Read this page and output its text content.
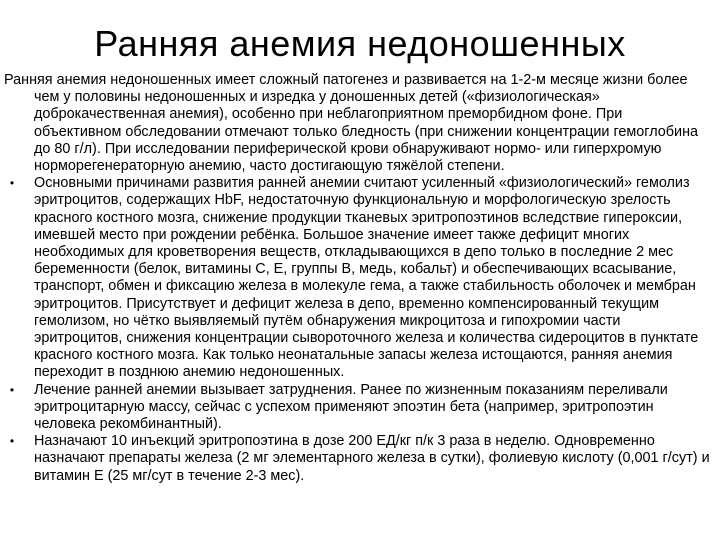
Ранняя анемия недоношенных
Ранняя анемия недоношенных имеет сложный патогенез и развивается на 1-2-м месяце жизни более чем у половины недоношенных и изредка у доношенных детей («физиологическая» доброкачественная анемия), особенно при неблагоприятном преморбидном фоне. При объективном обследовании отмечают только бледность (при снижении концентрации гемоглобина до 80 г/л). При исследовании периферической крови обнаруживают нормо- или гиперхромую норморегенераторную анемию, часто достигающую тяжёлой степени.
• Основными причинами развития ранней анемии считают усиленный «физиологический» гемолиз эритроцитов, содержащих HbF, недостаточную функциональную и морфологическую зрелость красного костного мозга, снижение продукции тканевых эритропоэтинов вследствие гипероксии, имевшей место при рождении ребёнка. Большое значение имеет также дефицит многих необходимых для кроветворения веществ, откладывающихся в депо только в последние 2 мес беременности (белок, витамины С, Е, группы В, медь, кобальт) и обеспечивающих всасывание, транспорт, обмен и фиксацию железа в молекуле гема, а также стабильность оболочек и мембран эритроцитов. Присутствует и дефицит железа в депо, временно компенсированный текущим гемолизом, но чётко выявляемый путём обнаружения микроцитоза и гипохромии части эритроцитов, снижения концентрации сывороточного железа и количества сидероцитов в пунктате красного костного мозга. Как только неонатальные запасы железа истощаются, ранняя анемия переходит в позднюю анемию недоношенных.
• Лечение ранней анемии вызывает затруднения. Ранее по жизненным показаниям переливали эритроцитарную массу, сейчас с успехом применяют эпоэтин бета (например, эритропоэтин человека рекомбинантный).
• Назначают 10 инъекций эритропоэтина в дозе 200 ЕД/кг п/к 3 раза в неделю. Одновременно назначают препараты железа (2 мг элементарного железа в сутки), фолиевую кислоту (0,001 г/сут) и витамин Е (25 мг/сут в течение 2-3 мес).
